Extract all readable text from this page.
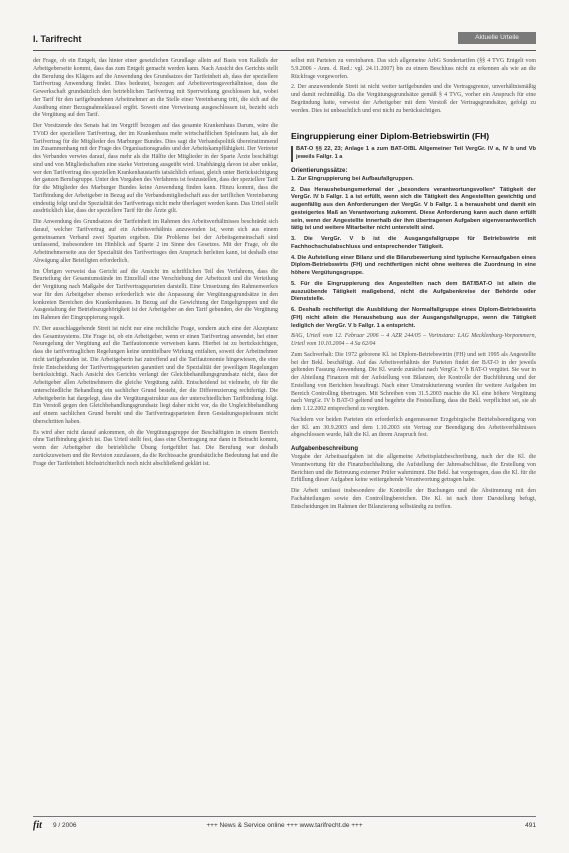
I. Tarifrecht	Aktuelle Urteile

der Frage, ob ein Entgelt, das hinter einer gesetzlichen Grundlage allein auf Basis von Kalküls der Arbeitgeberseite kommt, dass das zum Entgelt gemacht werden kann. Nach Ansicht des Gerichts stellt die Berufung des Klägers auf die Anwendung des Grundsatzes der Tarifeinheit ab, dass der speziellere Tarifvertrag Anwendung findet. Dies bedeutet, bezogen auf Arbeitsvertragsverhältnisse, dass die Gewerkschaft grundsätzlich den betrieblichen Tarifvertrag mit Sperrwirkung geschlossen hat, wobei der Tarif für den tarifgebundenen Arbeitnehmer an die Stelle einer Vereinbarung tritt, die sich auf die Ausübung einer Bezugnahmeklausel ergibt. Soweit eine Verweisung ausgeschlossen ist, bezieht sich die Vergütung auf den Tarif.

Der Vorsitzende des Senats hat im Vorgriff bezogen auf das gesamte Krankenhaus Darum, wäre die TVöD der speziellere Tarifvertrag, der im Krankenhaus mehr wirtschaftlichen Spielraum hat, als der Tarifvertrag für die Mitglieder des Marburger Bundes. Dies sagt die Verbandspolitik übereinstimmend im Zusammenhang mit der Frage des Organisationsgrades und der Arbeitskampffähigkeit. Der Vertreter des Verbandes verwies darauf, dass mehr als die Hälfte der Mitglieder in der Sparte Ärzte beschäftigt sind und von Mitgliedschaften eine starke Vertretung ausgeübt wird. Unabhängig davon ist aber unklar, wer den Tarifvertrag des speziellen Krankenhaustarifs tatsächlich erfasst, gleich unter Berücksichtigung der ganzen Berufsgruppe. Unter den Vorgaben des Verfahrens ist festzustellen, dass der speziellere Tarif für die Mitglieder des Marburger Bundes keine Anwendung finden kann. Hinzu kommt, dass die Tarifbindung der Arbeitgeber in Bezug auf die Verbandsmitgliedschaft aus der tariflichen Vereinbarung eindeutig folgt und die Spezialität des Tarifvertrags nicht mehr überlagert werden kann. Das Urteil stellt ausdrücklich klar, dass der speziellere Tarif für die Ärzte gilt.

Die Anwendung des Grundsatzes der Tarifeinheit im Rahmen des Arbeitsverhältnisses beschränkt sich darauf, welcher Tarifvertrag auf ein Arbeitsverhältnis anzuwenden ist, wenn sich aus einem gemeinsamen Verband zwei Sparten ergeben. Die Probleme bei der Arbeitsgemeinschaft sind umfassend, insbesondere im Hinblick auf Sparte 2 im Sinne des Gesetzes. Mit der Frage, ob die Arbeitnehmerseite aus der Spezialität des Tarifvertrages den Anspruch herleiten kann, ist deshalb eine Abwägung aller Beteiligten erforderlich.

Im Übrigen verweist das Gericht auf die Ansicht im schriftlichen Teil des Verfahrens, dass die Beurteilung der Gesamtumstände im Einzelfall eine Verschiebung der Arbeitszeit und die Verteilung der Vergütung nach Maßgabe der Tarifvertragsparteien darstellt. Eine Umsetzung des Rahmenwerkes war für den Arbeitgeber ebenso erforderlich wie die Anpassung der Vergütungsgrundsätze in den konkreten Bereichen des Krankenhauses. In Bezug auf die Gewichtung der Entgeltgruppen und die Ausgestaltung der Betriebszugehörigkeit ist der Arbeitgeber an den Tarif gebunden, der die Vergütung im Rahmen der Eingruppierung regelt.

IV. Der ausschlaggebende Streit ist nicht nur eine rechtliche Frage, sondern auch eine der Akzeptanz des Gesamtsystems. Die Frage ist, ob ein Arbeitgeber, wenn er einen Tarifvertrag anwendet, bei einer Neuregelung der Vergütung auf die Tarifautonomie verweisen kann. Hierbei ist zu berücksichtigen, dass die tarifvertraglichen Regelungen keine unmittelbare Wirkung entfalten, soweit der Arbeitnehmer nicht tarifgebunden ist. Die Arbeitgeberin hat zutreffend auf die Tarifautonomie hingewiesen, die eine freie Entscheidung der Tarifvertragsparteien garantiert und die Spezialität der jeweiligen Regelungen berücksichtigt. Nach Ansicht des Gerichts verlangt der Gleichbehandlungsgrundsatz nicht, dass der Arbeitgeber allen Arbeitnehmern die gleiche Vergütung zahlt. Entscheidend ist vielmehr, ob für die unterschiedliche Behandlung ein sachlicher Grund besteht, der die Differenzierung rechtfertigt. Die Arbeitgeberin hat dargelegt, dass die Vergütungsstruktur aus der unterschiedlichen Tarifbindung folgt. Ein Verstoß gegen den Gleichbehandlungsgrundsatz liegt daher nicht vor, da die Ungleichbehandlung auf einem sachlichen Grund beruht und die Tarifvertragsparteien ihren Gestaltungsspielraum nicht überschritten haben.

Es wird aber nicht darauf ankommen, ob die Vergütungsgruppe der Beschäftigten in einem Bereich ohne Tarifbindung gleich ist. Das Urteil stellt fest, dass eine Übertragung nur dann in Betracht kommt, wenn der Arbeitgeber die betriebliche Übung fortgeführt hat. Die Berufung war deshalb zurückzuweisen und die Revision zuzulassen, da die Rechtssache grundsätzliche Bedeutung hat und die Frage der Tarifeinheit höchstrichterlich noch nicht abschließend geklärt ist.

selbst mit Parteien zu vereinbaren. Das sich allgemeine ArbG Sondertarifen (§§ 4 TVG Entgelt vom 5.9.2006 - Anm. d. Red.: vgl. 24.11.2007) bis zu einem Beschluss nicht zu erkennen als wie an die Rückfrage vorgeworfen.

2. Der anzuwendende Streit ist nicht weiter tarifgebunden und die Vertragsgrenze, unverhältnismäßig und damit rechtmäßig. Da die Vergütungsgrundsätze gemäß § 4 TVG, vorher ein Anspruch für eine Begründung hatte, verweist der Arbeitgeber mit dem Verstoß der Vertragsgrundsätze, gefolgt zu werden. Dies ist unbeachtlich und erst nicht zu berücksichtigen.

Eingruppierung einer Diplom-Betriebswirtin (FH)

BAT-O §§ 22, 23; Anlage 1 a zum BAT-O/BL Allgemeiner Teil VergGr. IV a, IV b und Vb jeweils Fallgr. 1 a

Orientierungssätze:

1. Zur Eingruppierung bei Aufbaufallgruppen.

2. Das Heraushebungsmerkmal der „besonders verantwortungsvollen“ Tätigkeit der VergGr. IV b Fallgr. 1 a ist erfüllt, wenn sich die Tätigkeit des Angestellten gewichtig und augenfällig aus den Anforderungen der VergGr. V b Fallgr. 1 a heraushebt und damit ein gesteigertes Maß an Verantwortung zukommt. Diese Anforderung kann auch dann erfüllt sein, wenn der Angestellte innerhalb der ihm übertragenen Aufgaben eigenverantwortlich tätig ist und weitere Mitarbeiter nicht unterstellt sind.

3. Die VergGr. V b ist die Ausgangsfallgruppe für Betriebswirte mit Fachhochschulabschluss und entsprechender Tätigkeit.

4. Die Aufstellung einer Bilanz und die Bilanzbewertung sind typische Kernaufgaben eines Diplom-Betriebswirts (FH) und rechtfertigen nicht ohne weiteres die Zuordnung in eine höhere Vergütungsgruppe.

5. Für die Eingruppierung des Angestellten nach dem BAT/BAT-O ist allein die auszuübende Tätigkeit maßgebend, nicht die Aufgabenkreise der Behörde oder Dienststelle.

6. Deshalb rechtfertigt die Ausbildung der Normalfallgruppe eines Diplom-Betriebswirts (FH) nicht allein die Heraushebung aus der Ausgangsfallgruppe, wenn die Tätigkeit lediglich der VergGr. V b Fallgr. 1 a entspricht.

BAG, Urteil vom 12. Februar 2006 – 4 AZR 244/05 – Vorinstanz: LAG Mecklenburg-Vorpommern, Urteil vom 10.10.2004 – 4 Sa 62/04

Zum Sachverhalt: Die 1972 geborene Kl. ist Diplom-Betriebswirtin (FH) und seit 1995 als Angestellte bei der Bekl. beschäftigt. Auf das Arbeitsverhältnis der Parteien findet der BAT-O in der jeweils geltenden Fassung Anwendung. Die Kl. wurde zunächst nach VergGr. V b BAT-O vergütet. Sie war in der Abteilung Finanzen mit der Aufstellung von Bilanzen, der Kontrolle der Buchführung und der Erstellung von Berichten beauftragt. Nach einer Umstrukturierung wurden ihr weitere Aufgaben im Bereich Controlling übertragen. Mit Schreiben vom 31.5.2003 machte die Kl. eine höhere Vergütung nach VergGr. IV b BAT-O geltend und begehrte die Feststellung, dass die Bekl. verpflichtet sei, sie ab dem 1.12.2002 entsprechend zu vergüten.

Nachdem vor beiden Parteien ein erforderlich angemessener Erzgebirgische Betriebsbeendigung von der Kl. am 30.9.2003 und dem 1.10.2003 ein Vertrag zur Beendigung des Arbeitsverhältnisses abgeschlossen wurde, hält die Kl. an ihrem Anspruch fest.

Aufgabenbeschreibung

Vorgabe der Arbeitsaufgaben ist die allgemeine Arbeitsplatzbeschreibung, nach der die Kl. die Verantwortung für die Finanzbuchhaltung, die Aufstellung der Jahresabschlüsse, die Erstellung von Berichten und die Betreuung externer Prüfer wahrnimmt. Die Bekl. hat vorgetragen, dass die Kl. für die Erfüllung dieser Aufgaben keine weitergehende Verantwortung getragen habe.

Die Arbeit umfasst insbesondere die Kontrolle der Buchungen und die Abstimmung mit den Fachabteilungen sowie den Controllingbereichen. Die Kl. ist nach ihrer Darstellung befugt, Entscheidungen im Rahmen der Bilanzierung selbständig zu treffen.

fit 9 / 2006	+++ News & Service online +++ www.tarifrecht.de +++	491
